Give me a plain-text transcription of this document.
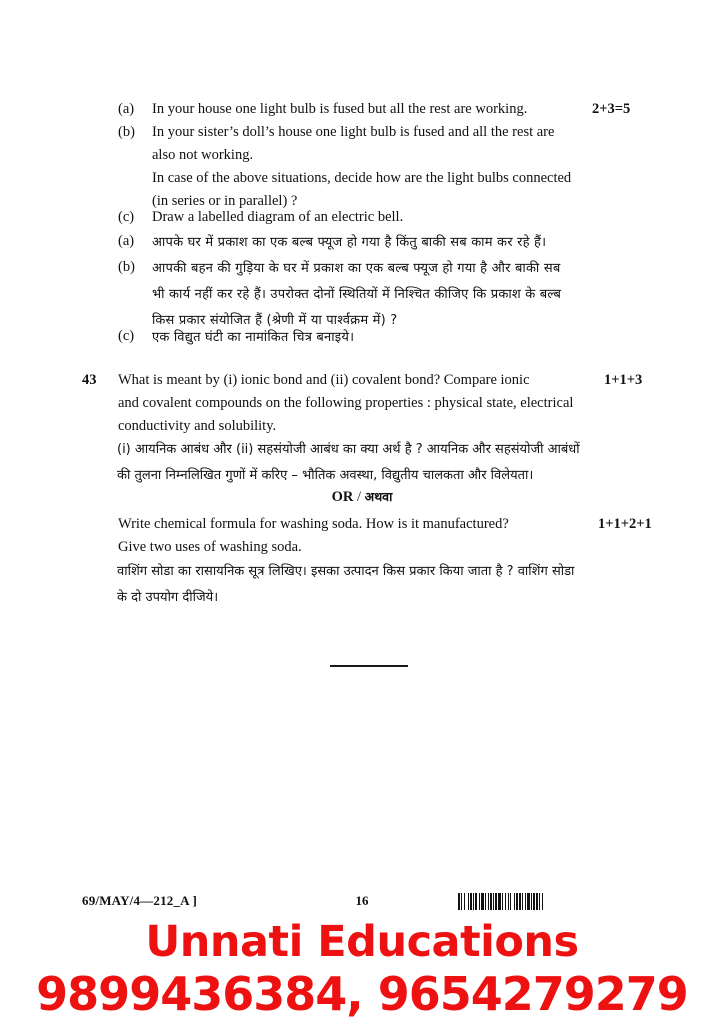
(a)	In your house one light bulb is fused but all the rest are working.	2+3=5
(b)	In your sister’s doll’s house one light bulb is fused and all the rest are
also not working.
In case of the above situations, decide how are the light bulbs connected
(in series or in parallel) ?
(c)	Draw a labelled diagram of an electric bell.
(a)	आपके घर में प्रकाश का एक बल्ब फ्यूज हो गया है किंतु बाकी सब काम कर रहे हैं।
(b)	आपकी बहन की गुड़िया के घर में प्रकाश का एक बल्ब फ्यूज हो गया है और बाकी सब
भी कार्य नहीं कर रहे हैं। उपरोक्त दोनों स्थितियों में निश्चित कीजिए कि प्रकाश के बल्ब
किस प्रकार संयोजित हैं (श्रेणी में या पार्श्वक्रम में) ?
(c)	एक विद्युत घंटी का नामांकित चित्र बनाइये।
43 What is meant by (i) ionic bond and (ii) covalent bond? Compare ionic
and covalent compounds on the following properties : physical state, electrical
conductivity and solubility.
1+1+3
(i) आयनिक आबंध और (ii) सहसंयोजी आबंध का क्या अर्थ है ? आयनिक और सहसंयोजी आबंधों
की तुलना निम्नलिखित गुणों में करिए – भौतिक अवस्था, विद्युतीय चालकता और विलेयता।
OR / अथवा
Write chemical formula for washing soda. How is it manufactured?
Give two uses of washing soda.
1+1+2+1
वाशिंग सोडा का रासायनिक सूत्र लिखिए। इसका उत्पादन किस प्रकार किया जाता है ? वाशिंग सोडा
के दो उपयोग दीजिये।
69/MAY/4—212_A ]	16
Unnati Educations
9899436384, 9654279279
